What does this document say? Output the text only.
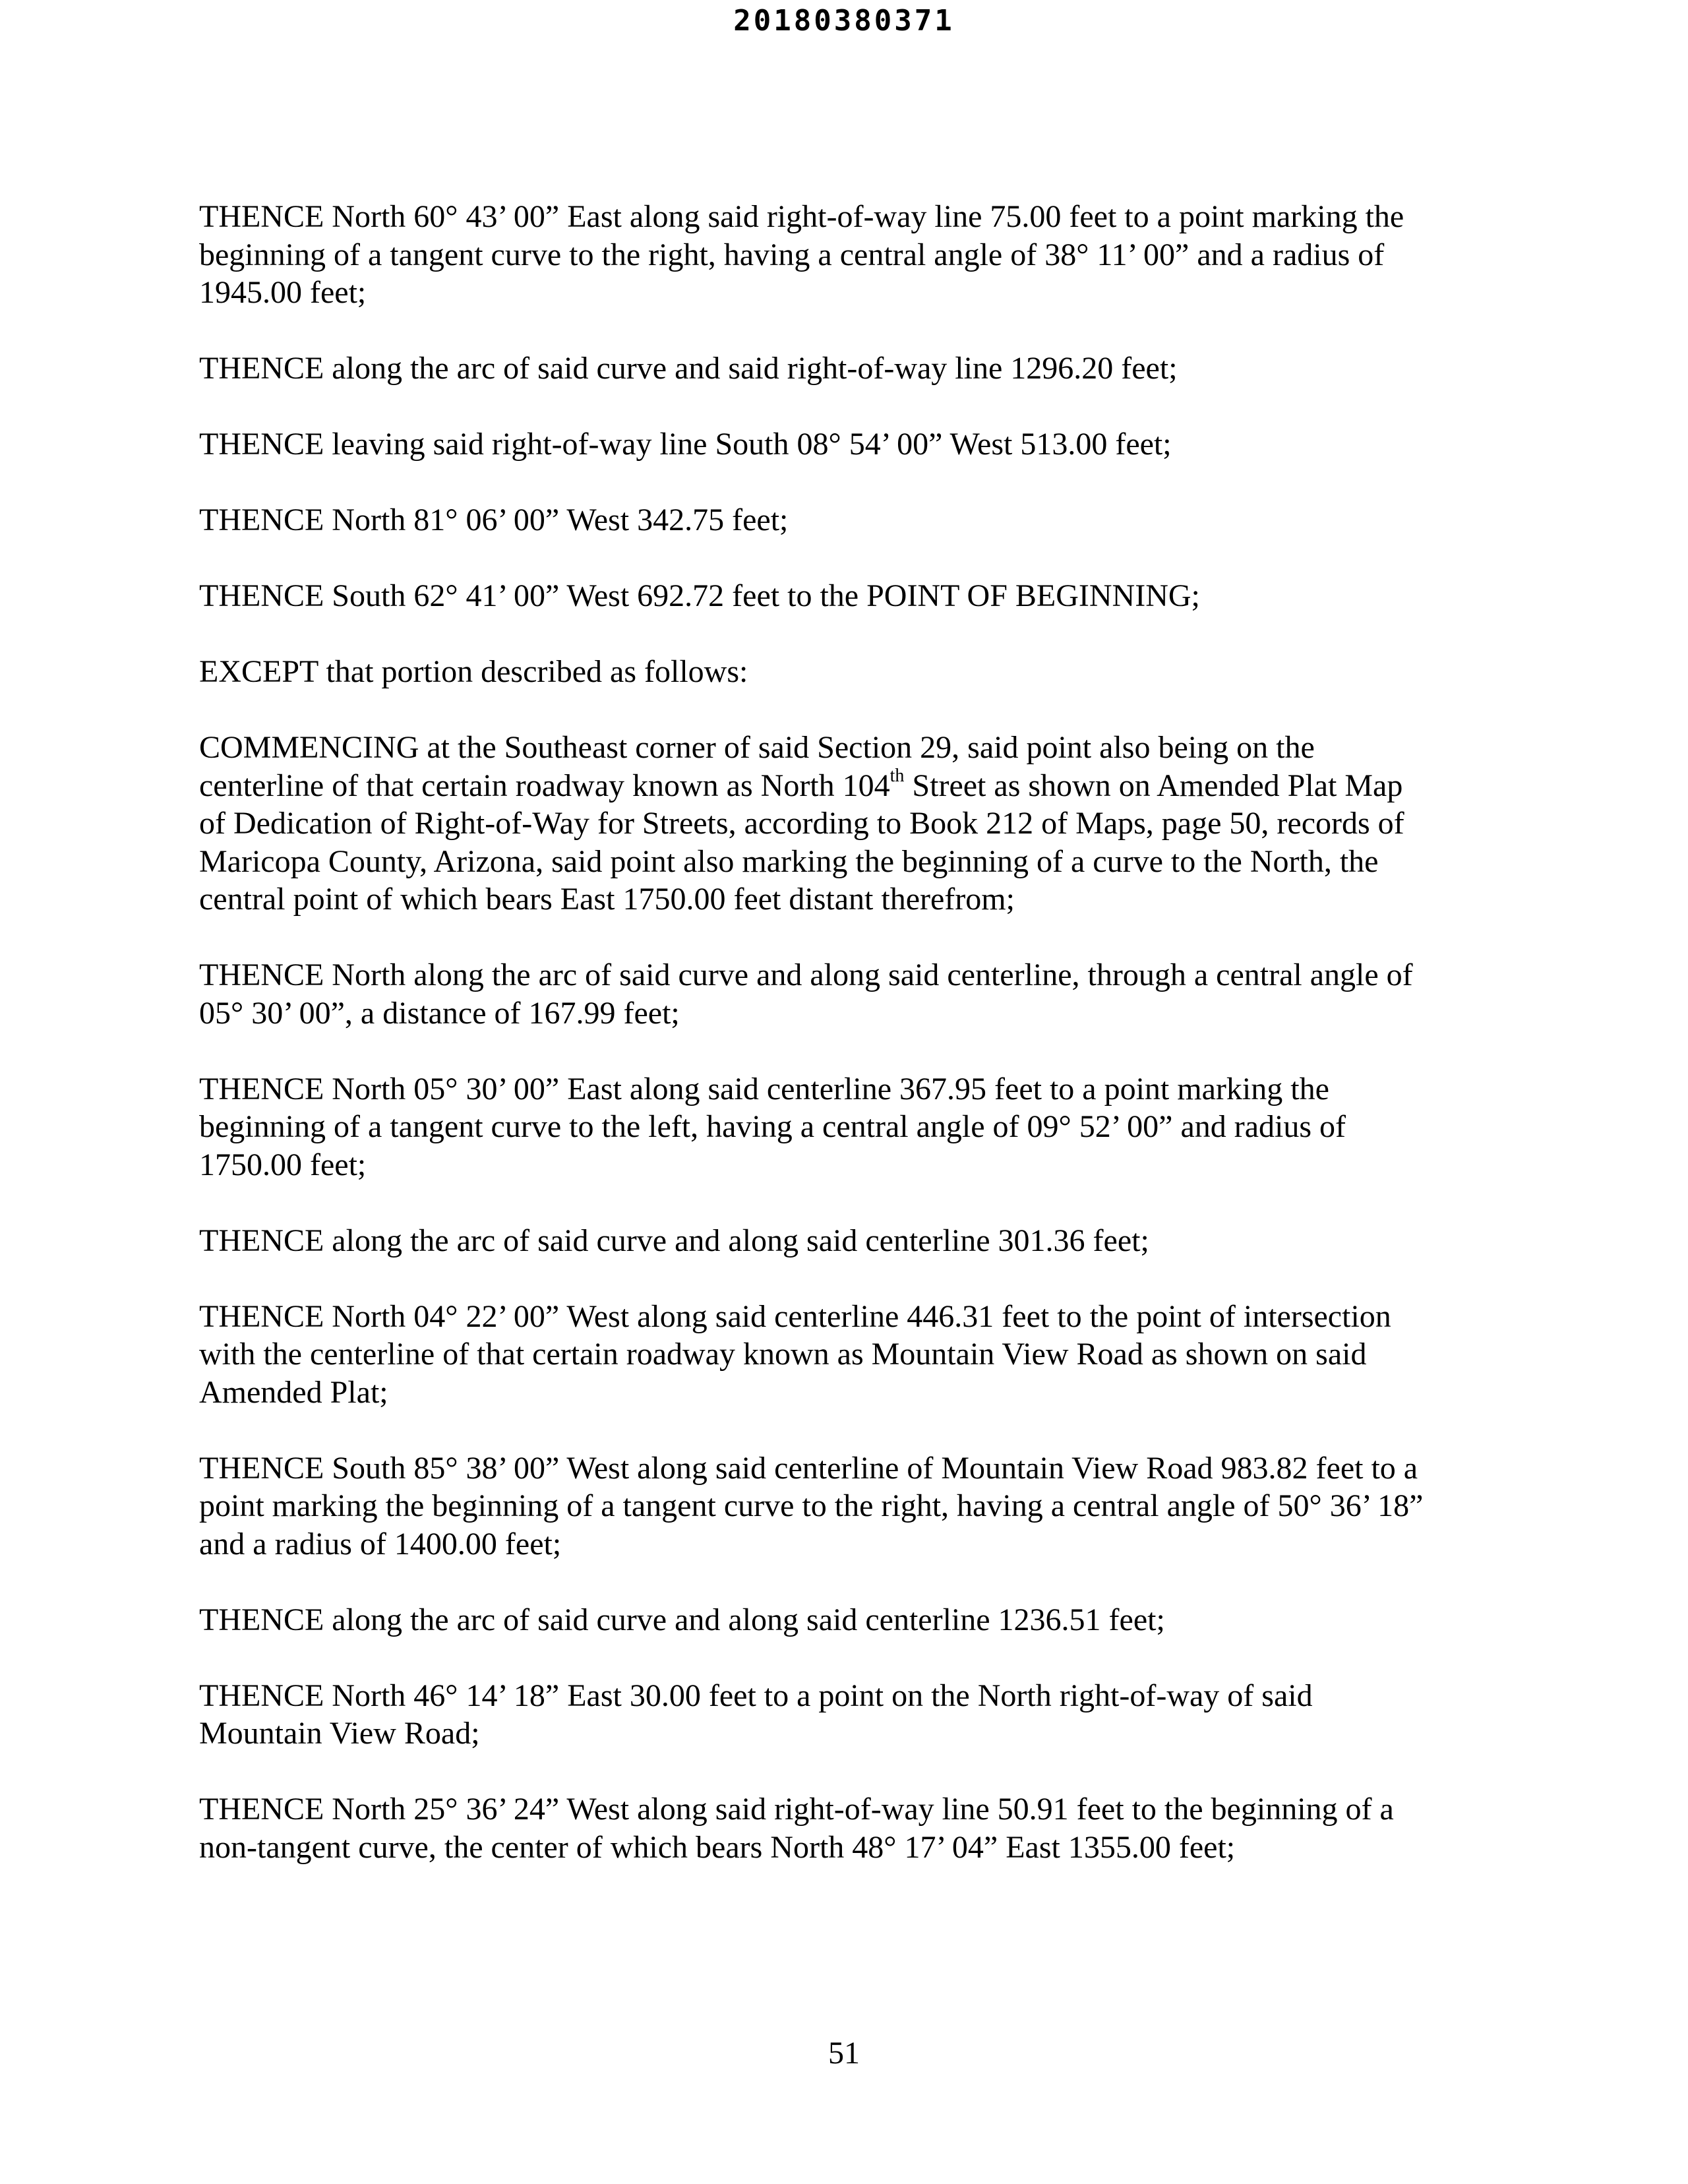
20180380371

THENCE North 60° 43’ 00” East along said right-of-way line 75.00 feet to a point marking the
beginning of a tangent curve to the right, having a central angle of 38° 11’ 00” and a radius of
1945.00 feet;

THENCE along the arc of said curve and said right-of-way line 1296.20 feet;

THENCE leaving said right-of-way line South 08° 54’ 00” West 513.00 feet;

THENCE North 81° 06’ 00” West 342.75 feet;

THENCE South 62° 41’ 00” West 692.72 feet to the POINT OF BEGINNING;

EXCEPT that portion described as follows:

COMMENCING at the Southeast corner of said Section 29, said point also being on the
centerline of that certain roadway known as North 104th Street as shown on Amended Plat Map
of Dedication of Right-of-Way for Streets, according to Book 212 of Maps, page 50, records of
Maricopa County, Arizona, said point also marking the beginning of a curve to the North, the
central point of which bears East 1750.00 feet distant therefrom;

THENCE North along the arc of said curve and along said centerline, through a central angle of
05° 30’ 00”, a distance of 167.99 feet;

THENCE North 05° 30’ 00” East along said centerline 367.95 feet to a point marking the
beginning of a tangent curve to the left, having a central angle of 09° 52’ 00” and radius of
1750.00 feet;

THENCE along the arc of said curve and along said centerline 301.36 feet;

THENCE North 04° 22’ 00” West along said centerline 446.31 feet to the point of intersection
with the centerline of that certain roadway known as Mountain View Road as shown on said
Amended Plat;

THENCE South 85° 38’ 00” West along said centerline of Mountain View Road 983.82 feet to a
point marking the beginning of a tangent curve to the right, having a central angle of 50° 36’ 18”
and a radius of 1400.00 feet;

THENCE along the arc of said curve and along said centerline 1236.51 feet;

THENCE North 46° 14’ 18” East 30.00 feet to a point on the North right-of-way of said
Mountain View Road;

THENCE North 25° 36’ 24” West along said right-of-way line 50.91 feet to the beginning of a
non-tangent curve, the center of which bears North 48° 17’ 04” East 1355.00 feet;

51
